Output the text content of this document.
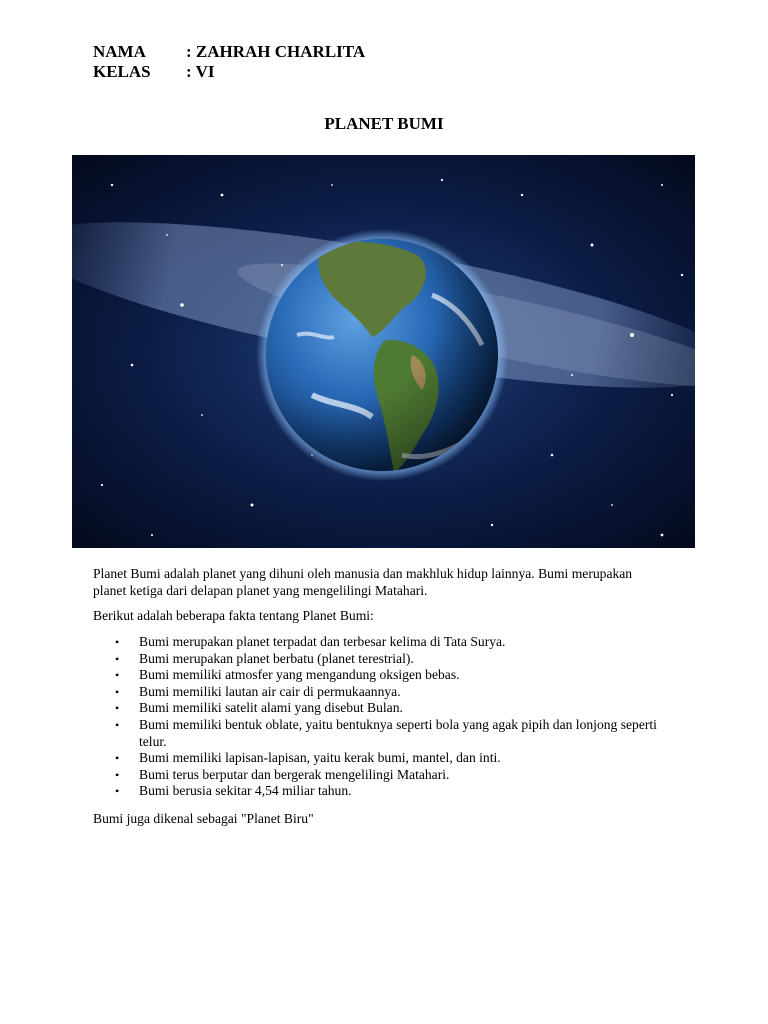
NAMA	: ZAHRAH CHARLITA
KELAS	: VI
PLANET BUMI
Planet Bumi adalah planet yang dihuni oleh manusia dan makhluk hidup lainnya. Bumi merupakan planet ketiga dari delapan planet yang mengelilingi Matahari.
Berikut adalah beberapa fakta tentang Planet Bumi:
• Bumi merupakan planet terpadat dan terbesar kelima di Tata Surya.
• Bumi merupakan planet berbatu (planet terestrial).
• Bumi memiliki atmosfer yang mengandung oksigen bebas.
• Bumi memiliki lautan air cair di permukaannya.
• Bumi memiliki satelit alami yang disebut Bulan.
• Bumi memiliki bentuk oblate, yaitu bentuknya seperti bola yang agak pipih dan lonjong seperti telur.
• Bumi memiliki lapisan-lapisan, yaitu kerak bumi, mantel, dan inti.
• Bumi terus berputar dan bergerak mengelilingi Matahari.
• Bumi berusia sekitar 4,54 miliar tahun.
Bumi juga dikenal sebagai "Planet Biru"
